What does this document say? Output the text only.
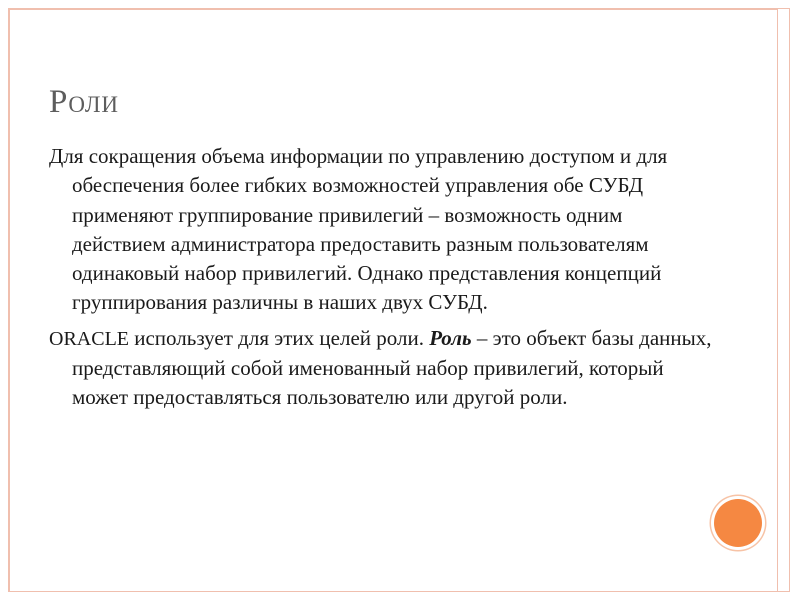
Роли

Для сокращения объема информации по управлению доступом и для обеспечения более гибких возможностей управления обе СУБД применяют группирование привилегий – возможность одним действием администратора предоставить разным пользователям одинаковый набор привилегий. Однако представления концепций группирования различны в наших двух СУБД.

ORACLE использует для этих целей роли. Роль – это объект базы данных, представляющий собой именованный набор привилегий, который может предоставляться пользователю или другой роли.
